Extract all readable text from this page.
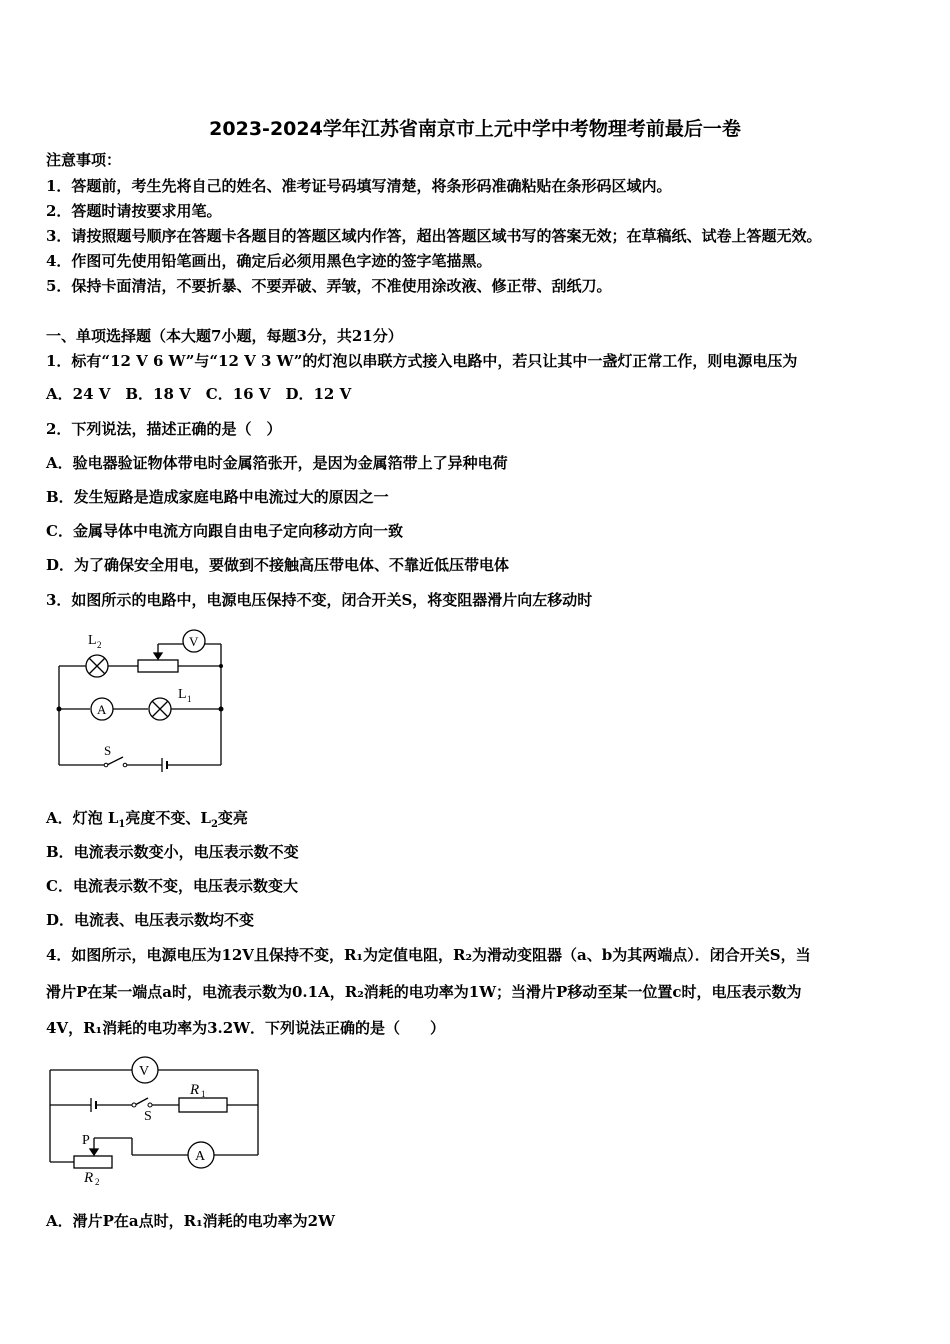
2023-2024学年江苏省南京市上元中学中考物理考前最后一卷
注意事项：
1．答题前，考生先将自己的姓名、准考证号码填写清楚，将条形码准确粘贴在条形码区域内。
2．答题时请按要求用笔。
3．请按照题号顺序在答题卡各题目的答题区域内作答，超出答题区域书写的答案无效；在草稿纸、试卷上答题无效。
4．作图可先使用铅笔画出，确定后必须用黑色字迹的签字笔描黑。
5．保持卡面清洁，不要折暴、不要弄破、弄皱，不准使用涂改液、修正带、刮纸刀。
一、单项选择题（本大题7小题，每题3分，共21分）
1．标有“12 V 6 W”与“12 V 3 W”的灯泡以串联方式接入电路中，若只让其中一盏灯正常工作，则电源电压为
A．24 V　B．18 V　C．16 V　D．12 V
2．下列说法，描述正确的是（　）
A．验电器验证物体带电时金属箔张开，是因为金属箔带上了异种电荷
B．发生短路是造成家庭电路中电流过大的原因之一
C．金属导体中电流方向跟自由电子定向移动方向一致
D．为了确保安全用电，要做到不接触高压带电体、不靠近低压带电体
3．如图所示的电路中，电源电压保持不变，闭合开关S，将变阻器滑片向左移动时
L 2	V
A
L 1
S
A．灯泡 $L_1$亮度不变、$L_2$变亮
B．电流表示数变小，电压表示数不变
C．电流表示数不变，电压表示数变大
D．电流表、电压表示数均不变
4．如图所示，电源电压为12V且保持不变，R₁为定值电阻，R₂为滑动变阻器（a、b为其两端点）．闭合开关S，当
滑片P在某一端点a时，电流表示数为0.1A，R₂消耗的电功率为1W；当滑片P移动至某一位置c时，电压表示数为
4V，R₁消耗的电功率为3.2W．下列说法正确的是（　　）
V
R 1
S
P
R 2
A
A．滑片P在a点时，R₁消耗的电功率为2W
